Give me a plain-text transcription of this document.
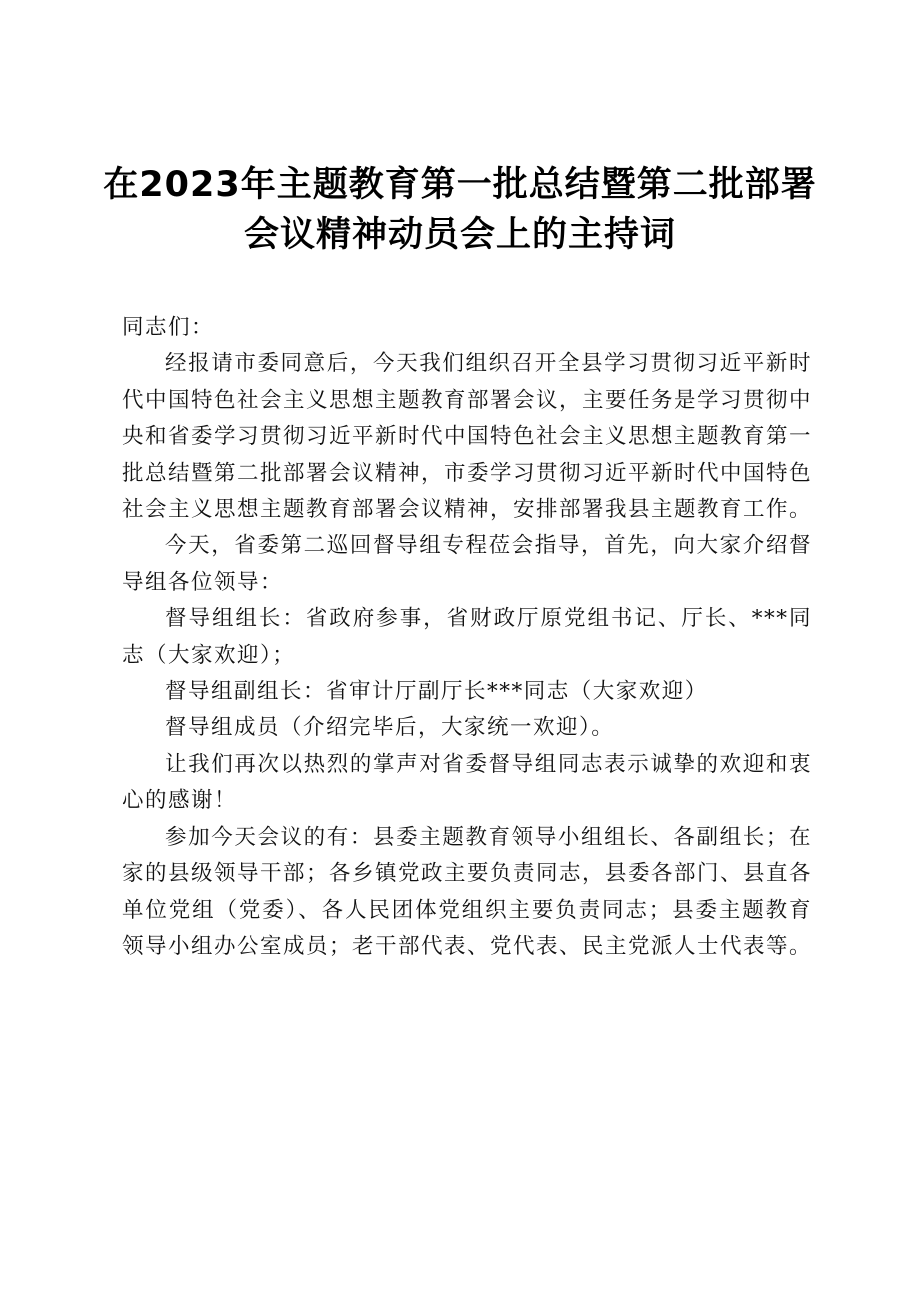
在2023年主题教育第一批总结暨第二批部署
会议精神动员会上的主持词

同志们：

经报请市委同意后，今天我们组织召开全县学习贯彻习近平新时代中国特色社会主义思想主题教育部署会议，主要任务是学习贯彻中央和省委学习贯彻习近平新时代中国特色社会主义思想主题教育第一批总结暨第二批部署会议精神，市委学习贯彻习近平新时代中国特色社会主义思想主题教育部署会议精神，安排部署我县主题教育工作。

今天，省委第二巡回督导组专程莅会指导，首先，向大家介绍督导组各位领导：

督导组组长：省政府参事，省财政厅原党组书记、厅长、***同志（大家欢迎）；

督导组副组长：省审计厅副厅长***同志（大家欢迎）

督导组成员（介绍完毕后，大家统一欢迎）。

让我们再次以热烈的掌声对省委督导组同志表示诚挚的欢迎和衷心的感谢！

参加今天会议的有：县委主题教育领导小组组长、各副组长；在家的县级领导干部；各乡镇党政主要负责同志，县委各部门、县直各单位党组（党委）、各人民团体党组织主要负责同志；县委主题教育领导小组办公室成员；老干部代表、党代表、民主党派人士代表等。
